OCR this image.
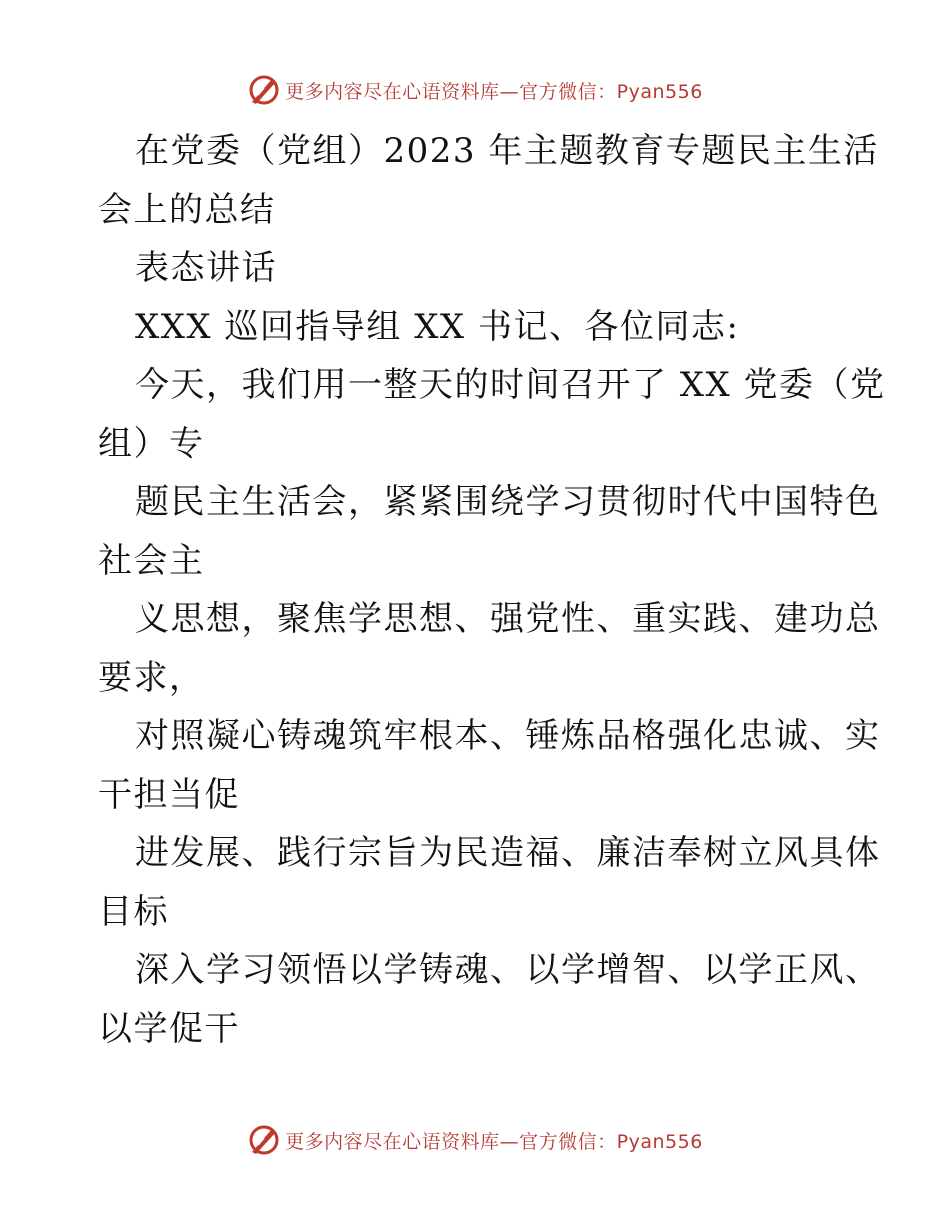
更多内容尽在心语资料库—官方微信：Pyan556
在党委（党组）2023 年主题教育专题民主生活
会上的总结
表态讲话
XXX 巡回指导组 XX 书记、各位同志:
今天，我们用一整天的时间召开了 XX 党委（党
组）专
题民主生活会，紧紧围绕学习贯彻时代中国特色
社会主
义思想，聚焦学思想、强党性、重实践、建功总
要求，
对照凝心铸魂筑牢根本、锤炼品格强化忠诚、实
干担当促
进发展、践行宗旨为民造福、廉洁奉树立风具体
目标
深入学习领悟以学铸魂、以学增智、以学正风、
以学促干
更多内容尽在心语资料库—官方微信：Pyan556
